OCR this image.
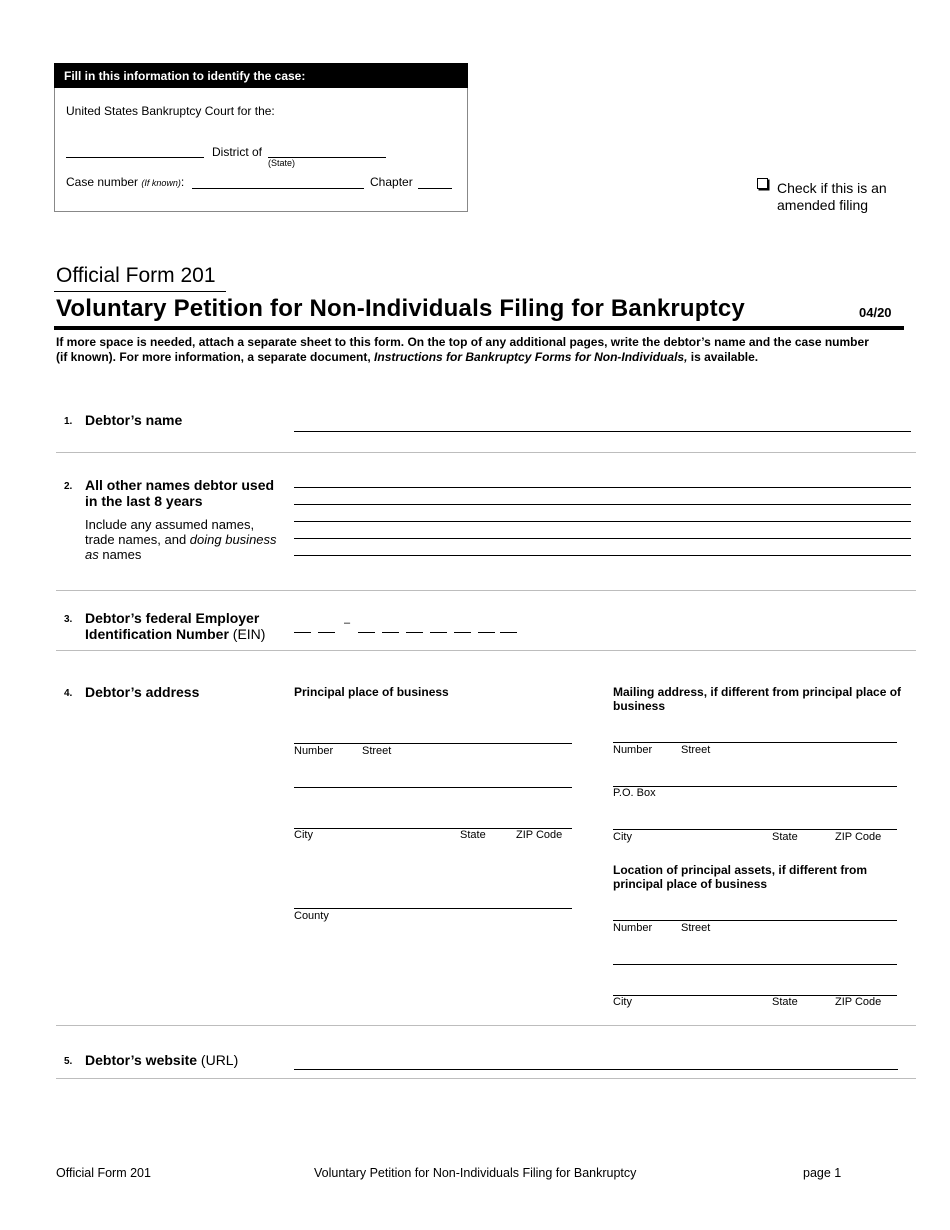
Fill in this information to identify the case:
United States Bankruptcy Court for the:
District of
(State)
Case number (If known):	Chapter	Check if this is an
amended filing
Official Form 201
Voluntary Petition for Non-Individuals Filing for Bankruptcy	04/20
If more space is needed, attach a separate sheet to this form. On the top of any additional pages, write the debtor’s name and the case number (if known). For more information, a separate document, Instructions for Bankruptcy Forms for Non-Individuals, is available.
1. Debtor’s name
2. All other names debtor used in the last 8 years
Include any assumed names, trade names, and doing business as names
3. Debtor’s federal Employer Identification Number (EIN)
–
4. Debtor’s address	Principal place of business
Number	Street
City	State	ZIP Code
County
Mailing address, if different from principal place of business
Number	Street
P.O. Box
City	State	ZIP Code
Location of principal assets, if different from principal place of business
Number	Street
City	State	ZIP Code
5. Debtor’s website (URL)
Official Form 201	Voluntary Petition for Non-Individuals Filing for Bankruptcy	page 1
